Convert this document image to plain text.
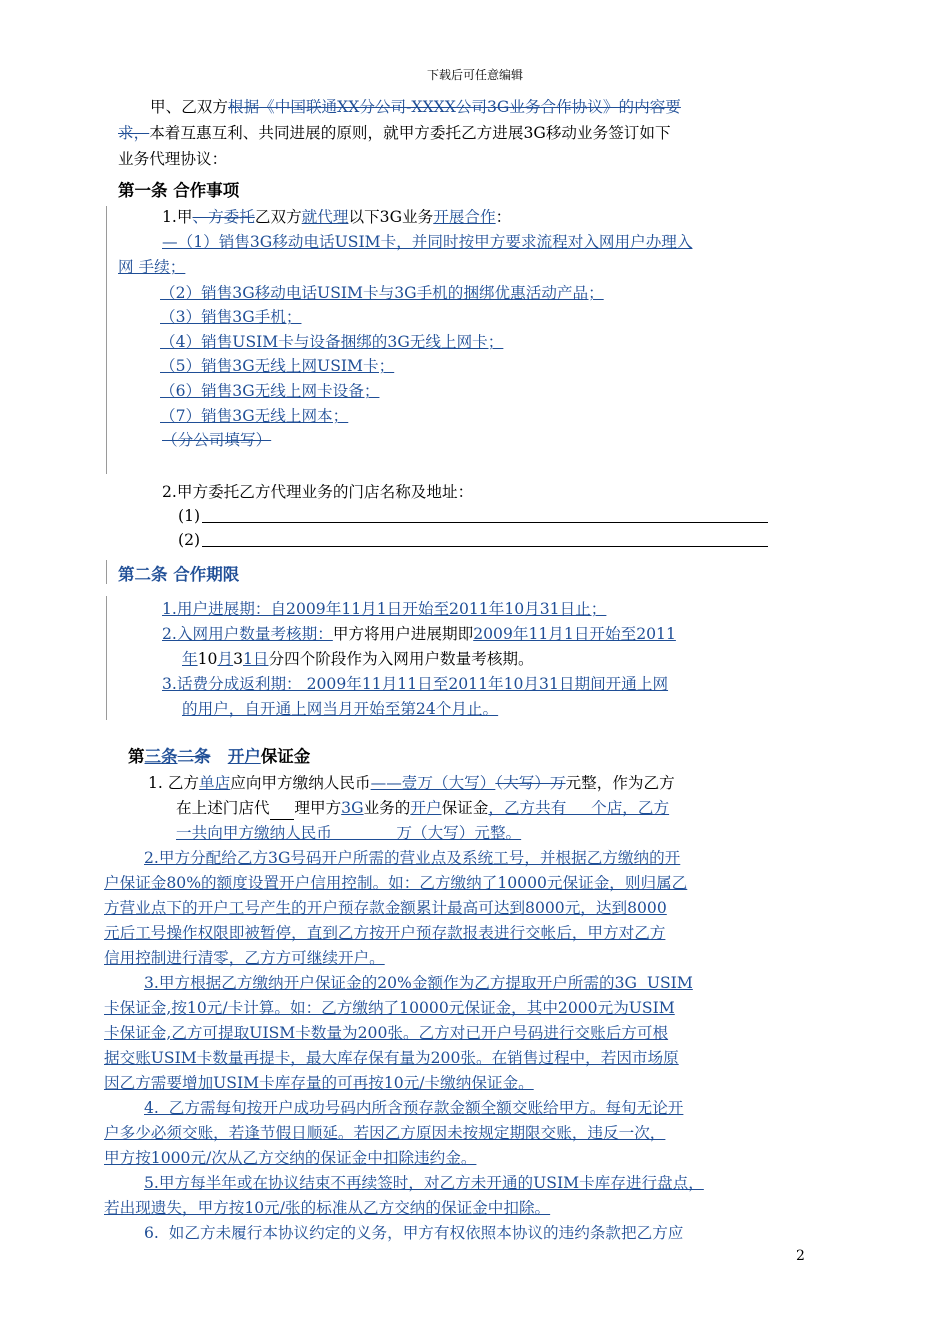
下载后可任意编辑
甲、乙双方根据《中国联通XX分公司-XXXX公司3G业务合作协议》的内容要
求，本着互惠互利、共同进展的原则，就甲方委托乙方进展3G移动业务签订如下
业务代理协议：
第一条 合作事项
1.甲、方委托乙双方就代理以下3G业务开展合作：
—（1）销售3G移动电话USIM卡，并同时按甲方要求流程对入网用户办理入
网 手续；
（2）销售3G移动电话USIM卡与3G手机的捆绑优惠活动产品；
（3）销售3G手机；
（4）销售USIM卡与设备捆绑的3G无线上网卡；
（5）销售3G无线上网USIM卡；
（6）销售3G无线上网卡设备；
（7）销售3G无线上网本；
（分公司填写）
2.甲方委托乙方代理业务的门店名称及地址：
(1)
(2)
第二条 合作期限
1.用户进展期：自2009年11月1日开始至2011年10月31日止；
2.入网用户数量考核期：甲方将用户进展期即2009年11月1日开始至2011
年10月31日分四个阶段作为入网用户数量考核期。
3.话费分成返利期： 2009年11月11日至2011年10月31日期间开通上网
的用户，自开通上网当月开始至第24个月止。
第三条二条 开户保证金
1. 乙方单店应向甲方缴纳人民币——壹万（大写）（大写）万元整，作为乙方
在上述门店代 理甲方3G业务的开户保证金，乙方共有     个店，乙方
一共向甲方缴纳人民币             万（大写）元整。
2.甲方分配给乙方3G号码开户所需的营业点及系统工号，并根据乙方缴纳的开
户保证金80%的额度设置开户信用控制。如：乙方缴纳了10000元保证金，则归属乙
方营业点下的开户工号产生的开户预存款金额累计最高可达到8000元，达到8000
元后工号操作权限即被暂停，直到乙方按开户预存款报表进行交帐后，甲方对乙方
信用控制进行清零，乙方方可继续开户。
3.甲方根据乙方缴纳开户保证金的20%金额作为乙方提取开户所需的3G  USIM
卡保证金,按10元/卡计算。如：乙方缴纳了10000元保证金，其中2000元为USIM
卡保证金,乙方可提取UISM卡数量为200张。乙方对已开户号码进行交账后方可根
据交账USIM卡数量再提卡，最大库存保有量为200张。在销售过程中，若因市场原
因乙方需要增加USIM卡库存量的可再按10元/卡缴纳保证金。
4.  乙方需每旬按开户成功号码内所含预存款金额全额交账给甲方。每旬无论开
户多少必须交账，若逢节假日顺延。若因乙方原因未按规定期限交账，违反一次，
甲方按1000元/次从乙方交纳的保证金中扣除违约金。
5.甲方每半年或在协议结束不再续签时，对乙方未开通的USIM卡库存进行盘点，
若出现遗失，甲方按10元/张的标准从乙方交纳的保证金中扣除。
6.  如乙方未履行本协议约定的义务，甲方有权依照本协议的违约条款把乙方应
2
